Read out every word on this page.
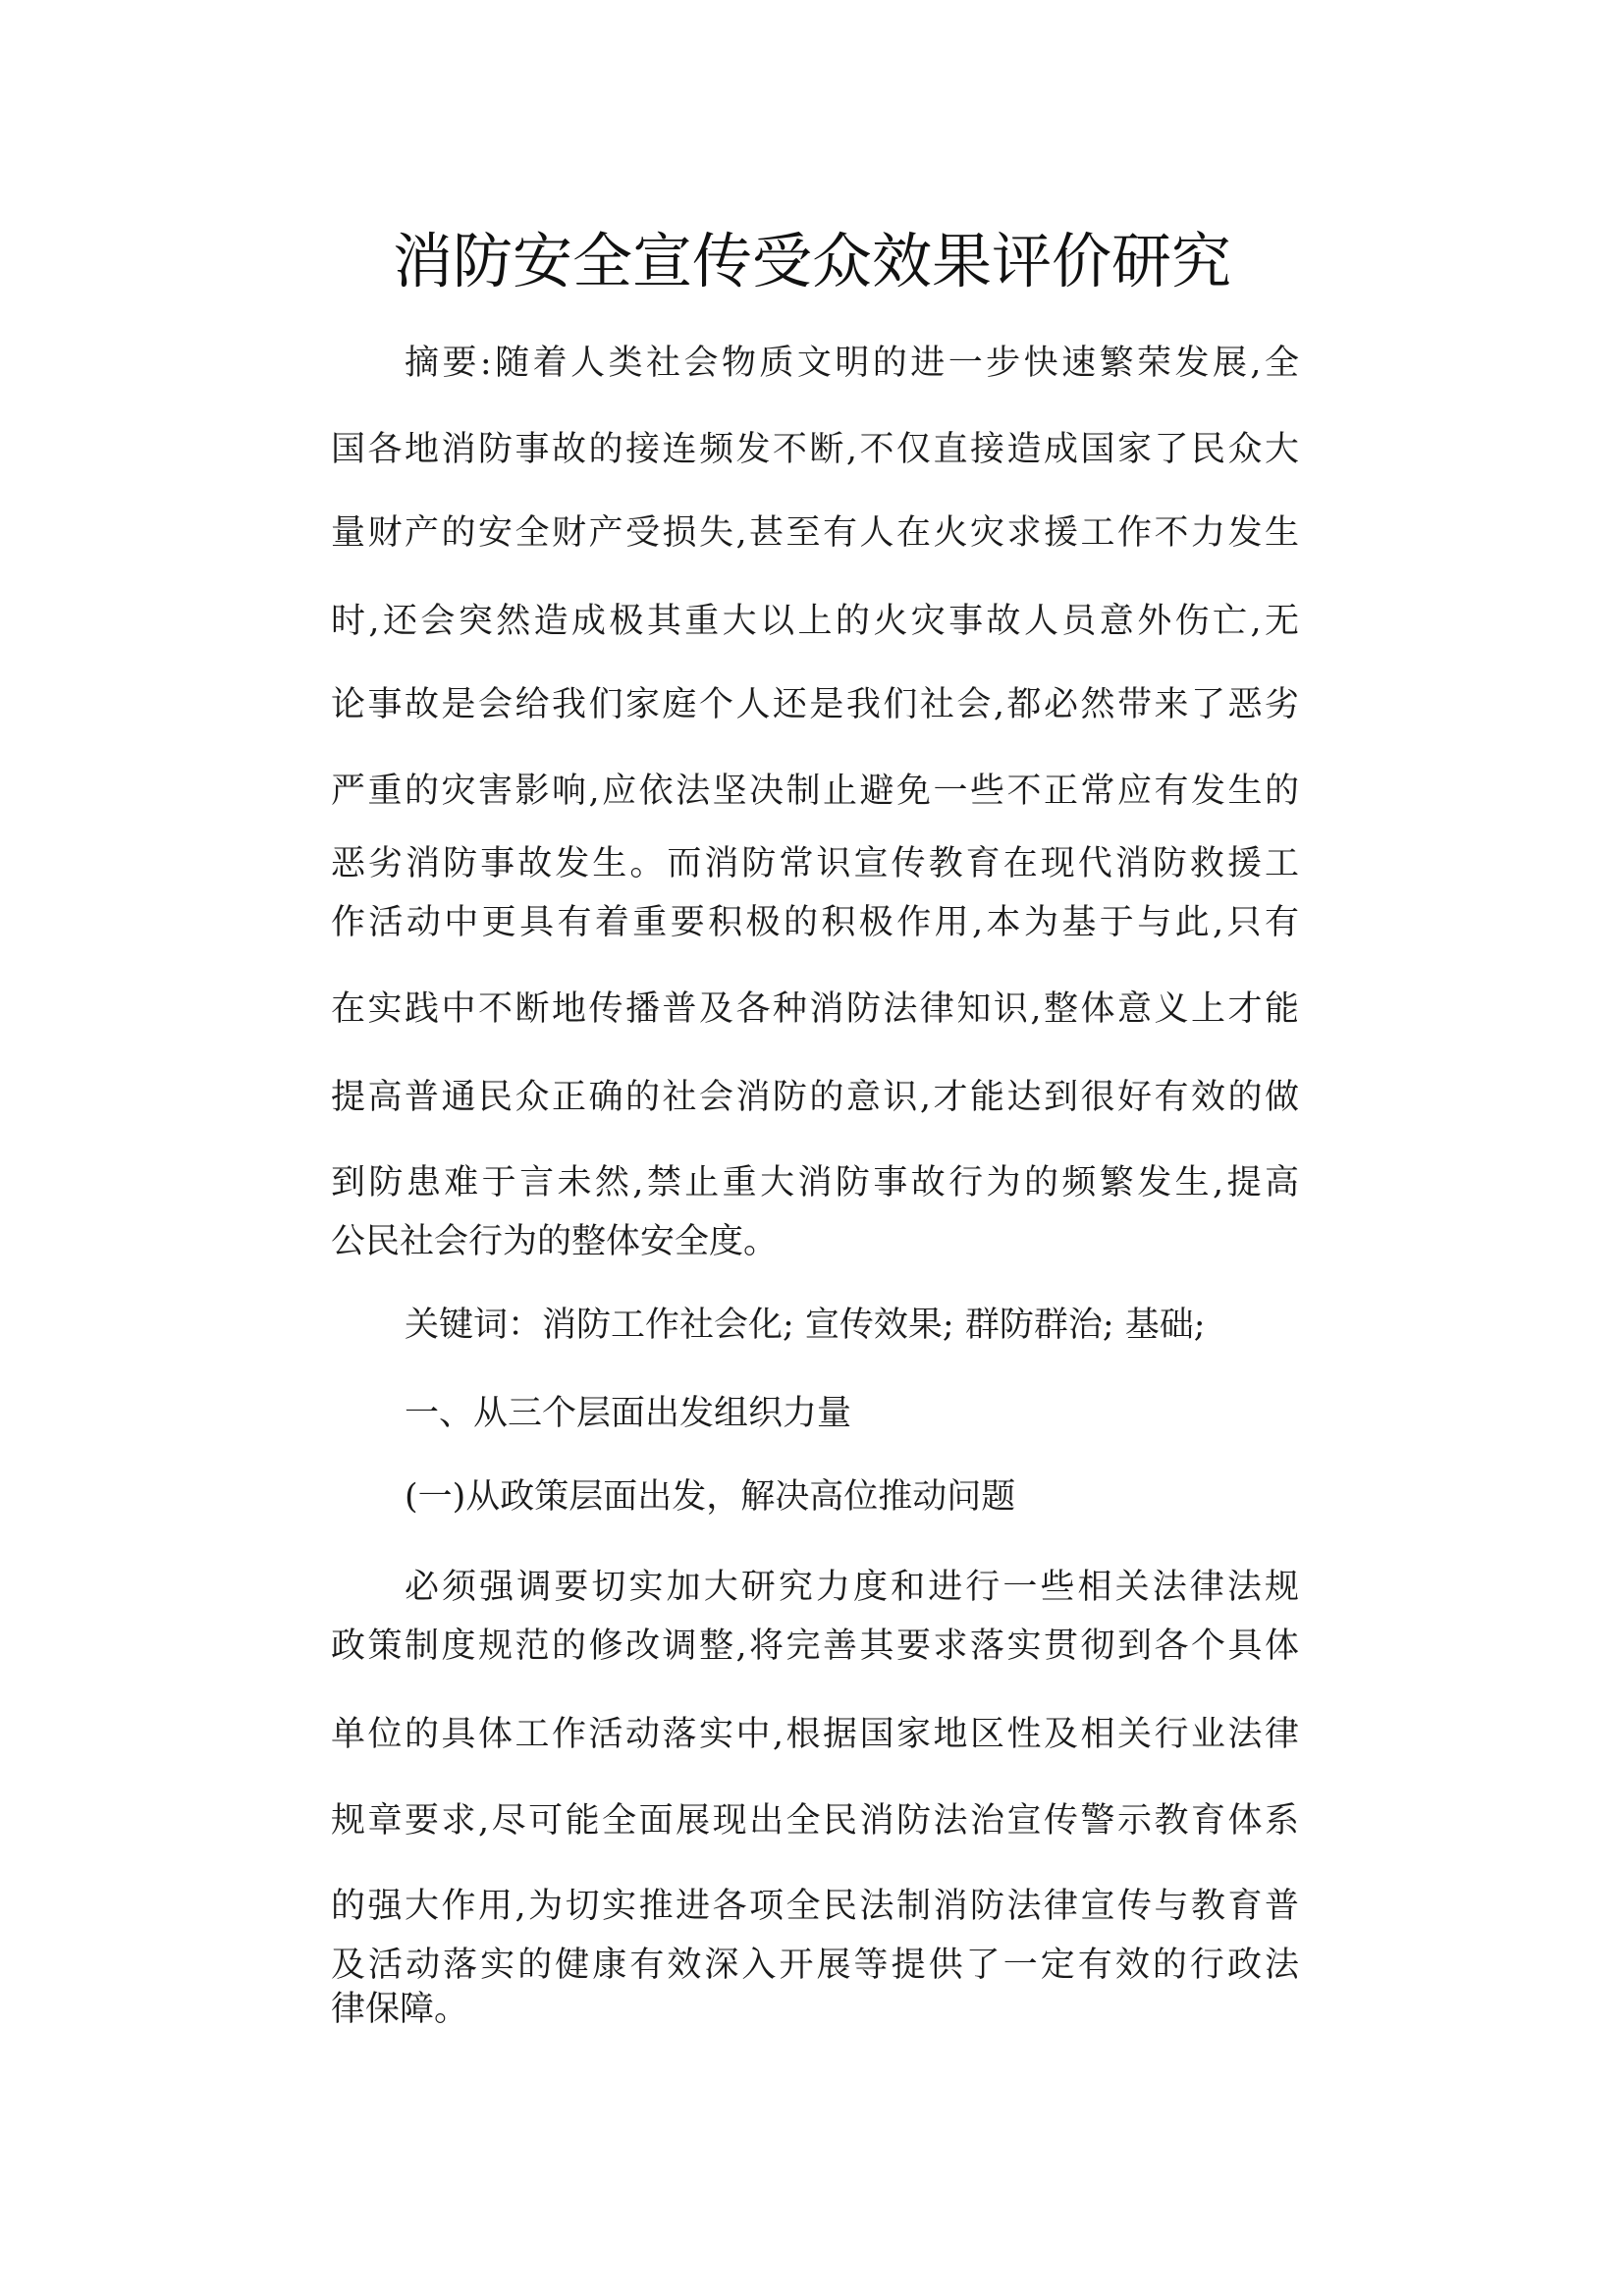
消防安全宣传受众效果评价研究
摘要:随着人类社会物质文明的进一步快速繁荣发展,全
国各地消防事故的接连频发不断,不仅直接造成国家了民众大
量财产的安全财产受损失,甚至有人在火灾求援工作不力发生
时,还会突然造成极其重大以上的火灾事故人员意外伤亡,无
论事故是会给我们家庭个人还是我们社会,都必然带来了恶劣
严重的灾害影响,应依法坚决制止避免一些不正常应有发生的
恶劣消防事故发生。而消防常识宣传教育在现代消防救援工
作活动中更具有着重要积极的积极作用,本为基于与此,只有
在实践中不断地传播普及各种消防法律知识,整体意义上才能
提高普通民众正确的社会消防的意识,才能达到很好有效的做
到防患难于言未然,禁止重大消防事故行为的频繁发生,提高
公民社会行为的整体安全度。
关键词：消防工作社会化; 宣传效果; 群防群治; 基础;
一、从三个层面出发组织力量
(一)从政策层面出发，解决高位推动问题
必须强调要切实加大研究力度和进行一些相关法律法规
政策制度规范的修改调整,将完善其要求落实贯彻到各个具体
单位的具体工作活动落实中,根据国家地区性及相关行业法律
规章要求,尽可能全面展现出全民消防法治宣传警示教育体系
的强大作用,为切实推进各项全民法制消防法律宣传与教育普
及活动落实的健康有效深入开展等提供了一定有效的行政法
律保障。
